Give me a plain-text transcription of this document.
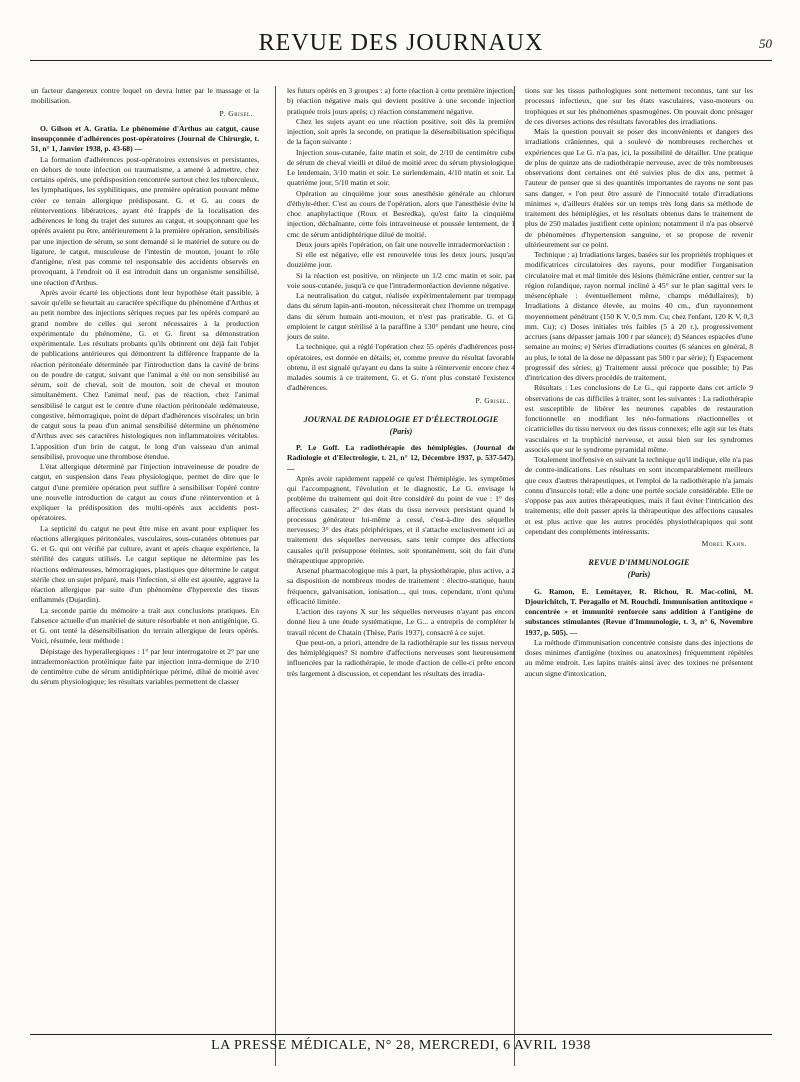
REVUE DES JOURNAUX	50

un facteur dangereux contre lequel on devra lutter par le massage et la mobilisation.

P. Grisel.

O. Gilson et A. Gratia. Le phénomène d'Arthus au catgut, cause insoupçonnée d'adhérences post-opératoires (Journal de Chirurgie, t. 51, n° 1, Janvier 1938, p. 43-68) —

La formation d'adhérences post-opératoires extensives et persistantes, en dehors de toute infection ou traumatisme, a amené à admettre, chez certains opérés, une prédisposition rencontrée surtout chez les tuberculeux, les lymphatiques, les syphilitiques, une première opération pouvant même créer ce terrain allergique prédisposant. G. et G. au cours de réinterventions libératrices, ayant été frappés de la localisation des adhérences le long du trajet des sutures au catgut, et soupçonnant que les opérés avaient pu être, antérieurement à la première opération, sensibilisés par une injection de sérum, se sont demandé si le matériel de suture ou de ligature, le catgut, musculeuse de l'intestin de mouton, jouant le rôle d'antigène, n'est pas comme tel responsable des accidents observés en provoquant, à l'endroit où il est introduit dans un organisme sensibilisé, une réaction d'Arthus.

Après avoir écarté les objections dont leur hypothèse était passible, à savoir qu'elle se heurtait au caractère spécifique du phénomène d'Arthus et au petit nombre des injections sériques reçues par les opérés comparé au grand nombre de celles qui seront nécessaires à la production expérimentale du phénomène, G. et G. firent sa démonstration expérimentale. Les résultats probants qu'ils obtinrent ont déjà fait l'objet de publications antérieures qui démontrent la différence frappante de la réaction péritonéale déterminée par l'introduction dans la cavité de brins ou de poudre de catgut, suivant que l'animal a été ou non sensibilisé au sérum, soit de cheval, soit de mouton, soit de cheval et mouton simultanément. Chez l'animal neuf, pas de réaction, chez l'animal sensibilisé le catgut est le centre d'une réaction péritonéale œdémateuse, congestive, hémorragique, point de départ d'adhérences viscérales; un brin de catgut sous la peau d'un animal sensibilisé détermine un phénomène d'Arthus avec ses caractères histologiques non inflammatoires véritables. L'apposition d'un brin de catgut, le long d'un vaisseau d'un animal sensibilisé, provoque une thrombose étendue.

L'état allergique déterminé par l'injection intraveineuse de poudre de catgut, en suspension dans l'eau physiologique, permet de dire que le catgut d'une première opération peut suffire à sensibiliser l'opéré contre une nouvelle introduction de catgut au cours d'une réintervention et à expliquer la prédisposition des multi-opérés aux accidents post-opératoires.

La septicité du catgut ne peut être mise en avant pour expliquer les réactions allergiques péritonéales, vasculaires, sous-cutanées obtenues par G. et G. qui ont vérifié par culture, avant et après chaque expérience, la stérilité des catguts utilisés. Le catgut septique ne détermine pas les réactions œdémateuses, hémorragiques, plastiques que détermine le catgut stérile chez un sujet préparé, mais l'infection, si elle est ajoutée, aggrave la réaction allergique par suite d'un phénomène d'hyperexie des tissus enflammés (Dujardin).

La seconde partie du mémoire a trait aux conclusions pratiques. En l'absence actuelle d'un matériel de suture résorbable et non antigénique, G. et G. ont tenté la désensibilisation du terrain allergique de leurs opérés. Voici, résumée, leur méthode :

Dépistage des hyperallergiques : 1° par leur interrogatoire et 2° par une intradermoréaction protéinique faite par injection intra-dermique de 2/10 de centimètre cube de sérum antidiphtérique périmé, dilué de moitié avec du sérum physiologique; les résultats variables permettent de classer

les futurs opérés en 3 groupes : a) forte réaction à cette première injection; b) réaction négative mais qui devient positive à une seconde injection pratiquée trois jours après; c) réaction constamment négative.

Chez les sujets ayant eu une réaction positive, soit dès la première injection, soit après la seconde, on pratique la désensibilisation spécifique de la façon suivante :

Injection sous-cutanée, faite matin et soir, de 2/10 de centimètre cube de sérum de cheval vieilli et dilué de moitié avec du sérum physiologique. Le lendemain, 3/10 matin et soir. Le surlendemain, 4/10 matin et soir. Le quatrième jour, 5/10 matin et soir.

Opération au cinquième jour sous anesthésie générale au chlorure d'éthyle-éther. C'est au cours de l'opération, alors que l'anesthésie évite le choc anaphylactique (Roux et Besredka), qu'est faite la cinquième injection, déchaînante, cette fois intraveineuse et poussée lentement, de 1 cmc de sérum antidiphtérique dilué de moitié.

Deux jours après l'opération, on fait une nouvelle intradermoréaction :

Si elle est négative, elle est renouvelée tous les deux jours, jusqu'au douzième jour.

Si la réaction est positive, on réinjecte un 1/2 cmc matin et soir, par voie sous-cutanée, jusqu'à ce que l'intradermoréaction devienne négative.

La neutralisation du catgut, réalisée expérimentalement par trempage dans du sérum lapin-anti-mouton, nécessiterait chez l'homme un trempage dans du sérum humain anti-mouton, et n'est pas praticable. G. et G. emploient le catgut stérilisé à la paraffine à 130° pendant une heure, cinq jours de suite.

La technique, qui a réglé l'opération chez 55 opérés d'adhérences post-opératoires, est donnée en détails; et, comme preuve du résultat favorable obtenu, il est signalé qu'ayant eu dans la suite à réintervenir encore chez 4 malades soumis à ce traitement, G. et G. n'ont plus constaté l'existence d'adhérences.

P. Grisel.
JOURNAL DE RADIOLOGIE ET D'ÉLECTROLOGIE
(Paris)

P. Le Goff. La radiothérapie des hémiplégies. (Journal de Radiologie et d'Electrologie, t. 21, n° 12, Décembre 1937, p. 537-547). —

Après avoir rapidement rappelé ce qu'est l'hémiplégie, les symptômes qui l'accompagnent, l'évolution et le diagnostic, Le G. envisage le problème du traitement qui doit être considéré du point de vue : 1° des affections causales; 2° des états du tissu nerveux persistant quand le processus générateur lui-même a cessé, c'est-à-dire des séquelles nerveuses; 3° des états périphériques, et il s'attache exclusivement ici au traitement des séquelles nerveuses, sans tenir compte des affections causales qu'il présuppose éteintes, soit spontanément, soit du fait d'une thérapeutique appropriée.

Arsenal pharmacologique mis à part, la physiothérapie, plus active, a à sa disposition de nombreux modes de traitement : électro-statique, haute fréquence, galvanisation, ionisation..., qui tous, cependant, n'ont qu'une efficacité limitée.

L'action des rayons X sur les séquelles nerveuses n'ayant pas encore donné lieu à une étude systématique, Le G... a entrepris de compléter le travail récent de Chatain (Thèse, Paris 1937), consacré à ce sujet.

Que peut-on, a priori, attendre de la radiothérapie sur les tissus nerveux des hémiplégiques? Si nombre d'affections nerveuses sont heureusement influencées par la radiothérapie, le mode d'action de celle-ci prête encore très largement à discussion, et cependant les résultats des irradia-

tions sur les tissus pathologiques sont nettement reconnus, tant sur les processus infectieux, que sur les états vasculaires, vaso-moteurs ou trophiques et sur les phénomènes spasmogènes. On pouvait donc présager de ces diverses actions des résultats favorables des irradiations.

Mais la question pouvait se poser des inconvénients et dangers des irradiations crâniennes, qui a soulevé de nombreuses recherches et expériences que Le G. n'a pas, ici, la possibilité de détailler. Une pratique de plus de quinze ans de radiothérapie nerveuse, avec de très nombreuses observations dont certaines ont été suivies plus de dix ans, permet à l'auteur de penser que si des quantités importantes de rayons ne sont pas sans danger, « l'on peut être assuré de l'innocuité totale d'irradiations minimes », d'ailleurs étalées sur un temps très long dans sa méthode de traitement des hémiplégies, et les résultats obtenus dans le traitement de plus de 250 malades justifient cette opinion; notamment il n'a pas observé de phénomènes d'hypertension sanguine, et se propose de revenir ultérieurement sur ce point.

Technique : a) Irradiations larges, basées sur les propriétés trophiques et modificatrices circulatoires des rayons, pour modifier l'organisation circulatoire mal et mal limitée des lésions (hémicrâne entier, centrer sur la région rolandique, rayon normal incliné à 45° sur le plan sagittal vers le mésencéphale : éventuellement même, champs médullaires); b) Irradiations à distance élevée, au moins 40 cm., d'un rayonnement moyennement pénétrant (150 K V, 0,5 mm. Cu; chez l'enfant, 120 K V, 0,3 mm. Cu); c) Doses initiales très faibles (5 à 20 r.), progressivement accrues (sans dépasser jamais 100 r par séance); d) Séances espacées d'une semaine au moins; e) Séries d'irradiations courtes (6 séances en général, 8 au plus, le total de la dose ne dépassant pas 500 r par série); f) Espacement progressif des séries; g) Traitement aussi précoce que possible; h) Pas d'intrication des divers procédés de traitement.

Résultats : Les conclusions de Le G., qui rapporte dans cet article 9 observations de cas difficiles à traiter, sont les suivantes : La radiothérapie est susceptible de libérer les neurones capables de restauration fonctionnelle en modifiant les néo-formations réactionnelles et cicatricielles du tissu nerveux ou des tissus connexes; elle agit sur les états vasculaires et la trophicité nerveuse, et aussi bien sur les syndromes associés que sur le syndrome pyramidal même.

Totalement inoffensive en suivant la technique qu'il indique, elle n'a pas de contre-indications. Les résultats en sont incomparablement meilleurs que ceux d'autres thérapeutiques, et l'emploi de la radiothérapie n'a jamais connu d'insuccès total; elle a donc une portée sociale considérable. Elle ne s'oppose pas aux autres thérapeutiques, mais il faut éviter l'intrication des traitements; elle doit passer après la thérapeutique des affections causales et est plus active que les autres procédés physiothérapiques qui sont cependant des compléments intéressants.

Morel Kahn.
REVUE D'IMMUNOLOGIE
(Paris)

G. Ramon, E. Lemétayer, R. Richou, R. Mac-colini, M. Djourichitch, T. Peragallo et M. Rouchdi. Immunisation antitoxique « concentrée » et immunité renforcée sans addition à l'antigène de substances stimulantes (Revue d'Immunologie, t. 3, n° 6, Novembre 1937, p. 505). —

La méthode d'immunisation concentrée consiste dans des injections de doses minimes d'antigène (toxines ou anatoxines) fréquemment répétées au même endroit. Les lapins traités ainsi avec des toxines ne présentent aucun signe d'intoxication,

LA PRESSE MÉDICALE, N° 28, MERCREDI, 6 AVRIL 1938
